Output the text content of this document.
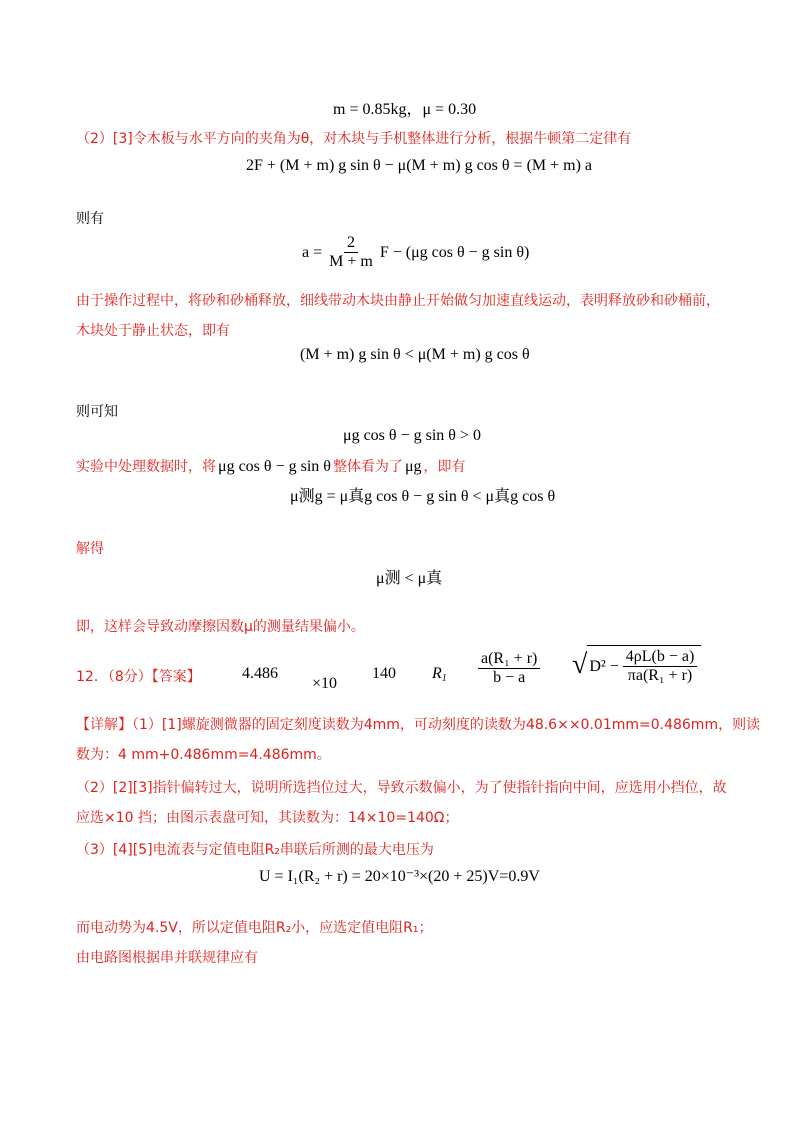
m = 0.85kg，μ = 0.30
（2）[3]令木板与水平方向的夹角为θ，对木块与手机整体进行分析，根据牛顿第二定律有
2F + (M + m) g sin θ − μ(M + m) g cos θ = (M + m) a
则有
$a = \frac{2}{M + m}$ F − (μg cos θ − g sin θ)
由于操作过程中，将砂和砂桶释放，细线带动木块由静止开始做匀加速直线运动，表明释放砂和砂桶前，
木块处于静止状态，即有
(M + m) g sin θ < μ(M + m) g cos θ
则可知
μg cos θ − g sin θ > 0
实验中处理数据时，将 μg cos θ − g sin θ 整体看为了 μg ，即有
μ测g = μ真g cos θ − g sin θ < μ真g cos θ
解得
μ测 < μ真
即，这样会导致动摩擦因数μ的测量结果偏小。
12．（8分）【答案】	4.486
×10
140 $R_1 \frac{\text{a(R₁ + r)}}{b - a}$ √ $D^2 - \frac{4\rho L(b - a)}{\text{πa(R₁ + r)}}$
【详解】（1）[1]螺旋测微器的固定刻度读数为4mm，可动刻度的读数为48.6××0.01mm=0.486mm，则读
数为：4 mm+0.486mm=4.486mm。
（2）[2][3]指针偏转过大，说明所选挡位过大，导致示数偏小，为了使指针指向中间，应选用小挡位，故
应选×10 挡；由图示表盘可知，其读数为：14×10=140Ω；
（3）[4][5]电流表与定值电阻R₂串联后所测的最大电压为
U = I₁(R₂ + r) = 20×10⁻³×(20 + 25)V=0.9V
而电动势为4.5V，所以定值电阻R₂小，应选定值电阻R₁；
由电路图根据串并联规律应有
